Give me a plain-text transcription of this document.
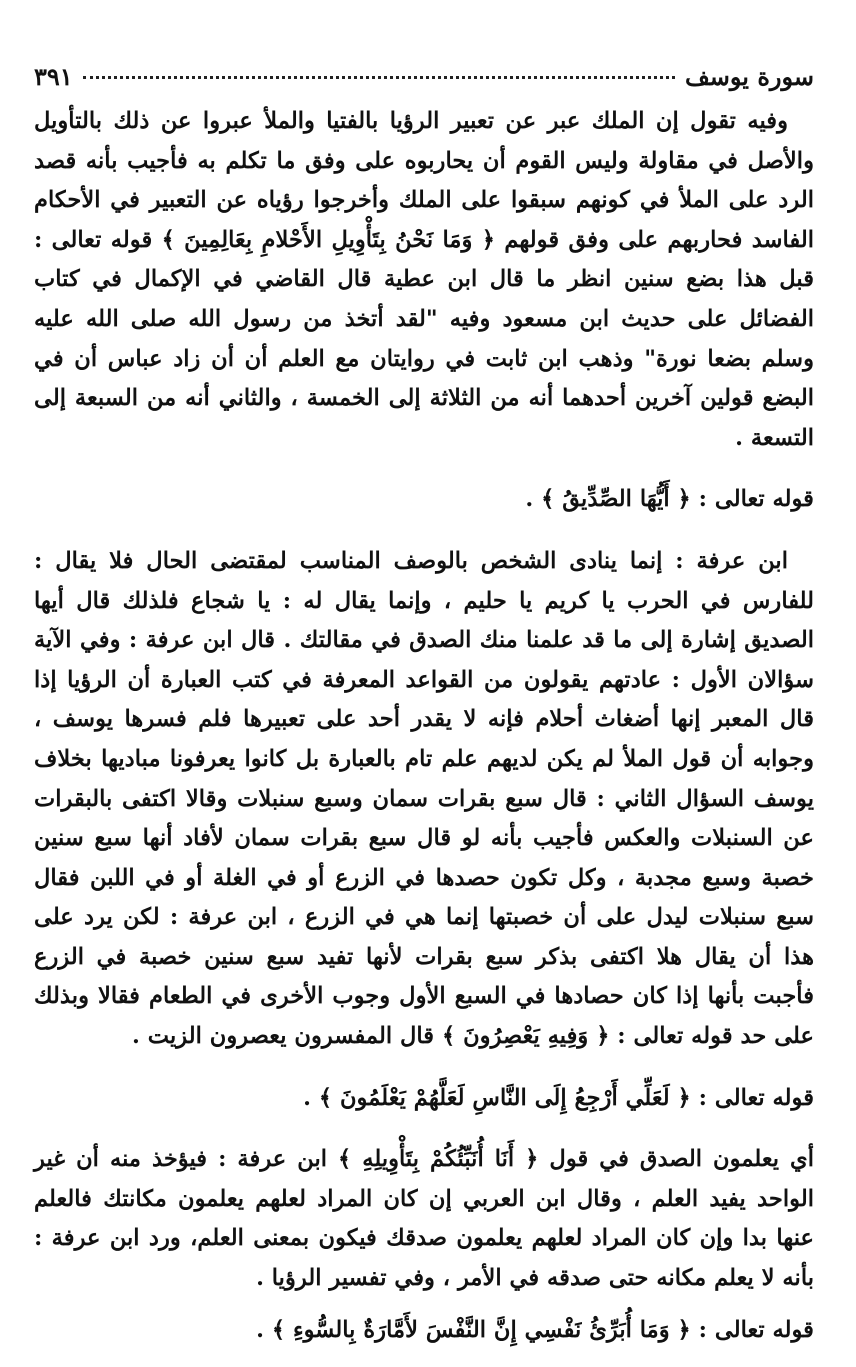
سورة يوسف
٣٩١

وفيه تقول إن الملك عبر عن تعبير الرؤيا بالفتيا والملأ عبروا عن ذلك بالتأويل والأصل في مقاولة وليس القوم أن يحاربوه على وفق ما تكلم به فأجيب بأنه قصد الرد على الملأ في كونهم سبقوا على الملك وأخرجوا رؤياه عن التعبير في الأحكام الفاسد فحاربهم على وفق قولهم ﴿ وَمَا نَحْنُ بِتَأْوِيلِ الأَحْلامِ بِعَالِمِينَ ﴾ قوله تعالى : قبل هذا بضع سنين انظر ما قال ابن عطية قال القاضي في الإكمال في كتاب الفضائل على حديث ابن مسعود وفيه "لقد أتخذ من رسول الله صلى الله عليه وسلم بضعا نورة" وذهب ابن ثابت في روايتان مع العلم أن أن زاد عباس أن في البضع قولين آخرين أحدهما أنه من الثلاثة إلى الخمسة ، والثاني أنه من السبعة إلى التسعة .

قوله تعالى : ﴿ أَيُّهَا الصِّدِّيقُ ﴾ .

ابن عرفة : إنما ينادى الشخص بالوصف المناسب لمقتضى الحال فلا يقال : للفارس في الحرب يا كريم يا حليم ، وإنما يقال له : يا شجاع فلذلك قال أيها الصديق إشارة إلى ما قد علمنا منك الصدق في مقالتك . قال ابن عرفة : وفي الآية سؤالان الأول : عادتهم يقولون من القواعد المعرفة في كتب العبارة أن الرؤيا إذا قال المعبر إنها أضغاث أحلام فإنه لا يقدر أحد على تعبيرها فلم فسرها يوسف ، وجوابه أن قول الملأ لم يكن لديهم علم تام بالعبارة بل كانوا يعرفونا مباديها بخلاف يوسف السؤال الثاني : قال سبع بقرات سمان وسبع سنبلات وقالا اكتفى بالبقرات عن السنبلات والعكس فأجيب بأنه لو قال سبع بقرات سمان لأفاد أنها سبع سنين خصبة وسبع مجدبة ، وكل تكون حصدها في الزرع أو في الغلة أو في اللبن فقال سبع سنبلات ليدل على أن خصبتها إنما هي في الزرع ، ابن عرفة : لكن يرد على هذا أن يقال هلا اكتفى بذكر سبع بقرات لأنها تفيد سبع سنين خصبة في الزرع فأجبت بأنها إذا كان حصادها في السبع الأول وجوب الأخرى في الطعام فقالا وبذلك على حد قوله تعالى : ﴿ وَفِيهِ يَعْصِرُونَ ﴾ قال المفسرون يعصرون الزيت .

قوله تعالى : ﴿ لَعَلِّي أَرْجِعُ إِلَى النَّاسِ لَعَلَّهُمْ يَعْلَمُونَ ﴾ .

أي يعلمون الصدق في قول ﴿ أَنَا أُنَبِّئُكُمْ بِتَأْوِيلِهِ ﴾ ابن عرفة : فيؤخذ منه أن غير الواحد يفيد العلم ، وقال ابن العربي إن كان المراد لعلهم يعلمون مكانتك فالعلم عنها بدا وإن كان المراد لعلهم يعلمون صدقك فيكون بمعنى العلم، ورد ابن عرفة : بأنه لا يعلم مكانه حتى صدقه في الأمر ، وفي تفسير الرؤيا .

قوله تعالى : ﴿ وَمَا أُبَرِّئُ نَفْسِي إِنَّ النَّفْسَ لأَمَّارَةٌ بِالسُّوءِ ﴾ .
